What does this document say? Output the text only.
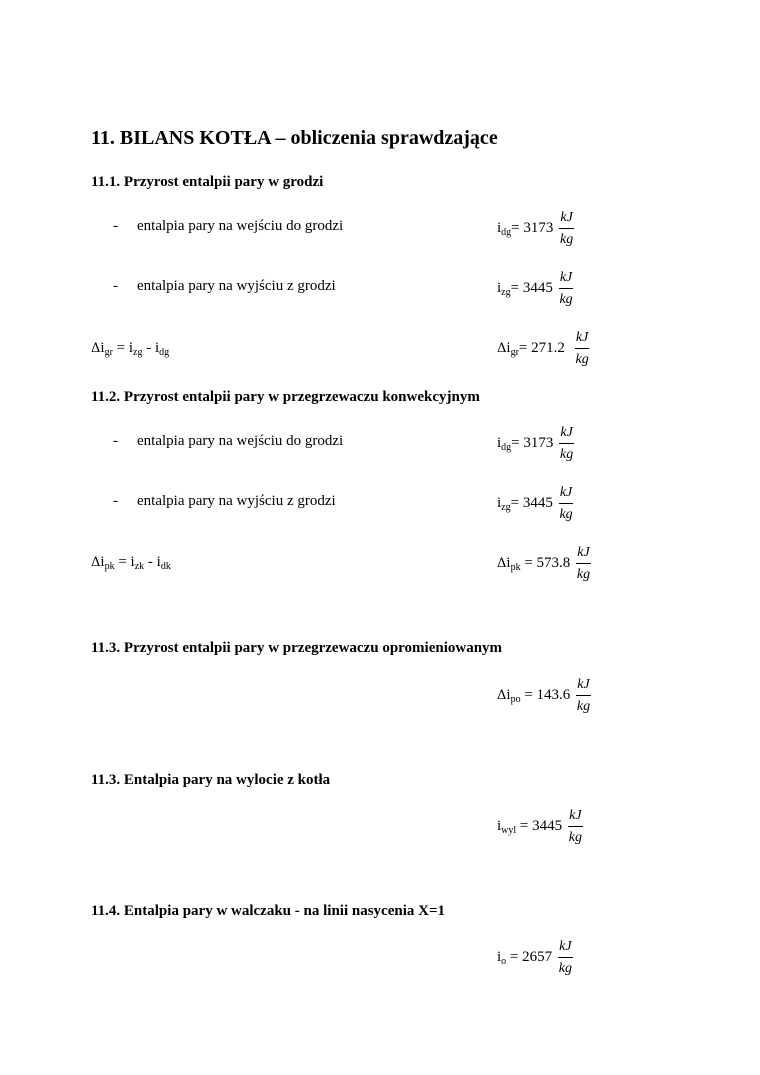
11. BILANS KOTŁA – obliczenia sprawdzające
11.1. Przyrost entalpii pary w grodzi
- entalpia pary na wejściu do grodzi	$i_{dg}= 3173 \frac{kJ}{kg}$
- entalpia pary na wyjściu z grodzi	$i_{zg}= 3445 \frac{kJ}{kg}$
$\Delta i_{gr} = i_{zg} - i_{dg}$	$\Delta i_{gr}= 271.2 \frac{kJ}{kg}$
11.2. Przyrost entalpii pary w przegrzewaczu konwekcyjnym
- entalpia pary na wejściu do grodzi	$i_{dg}= 3173 \frac{kJ}{kg}$
- entalpia pary na wyjściu z grodzi	$i_{zg}= 3445 \frac{kJ}{kg}$
$\Delta i_{pk} = i_{zk} - i_{dk}$	$\Delta i_{pk} = 573.8 \frac{kJ}{kg}$
11.3. Przyrost entalpii pary w przegrzewaczu opromieniowanym
$\Delta i_{po} = 143.6 \frac{kJ}{kg}$
11.3. Entalpia pary na wylocie z kotła
$i_{wyl} = 3445 \frac{kJ}{kg}$
11.4. Entalpia pary w walczaku - na linii nasycenia X=1
$i_o = 2657 \frac{kJ}{kg}$
